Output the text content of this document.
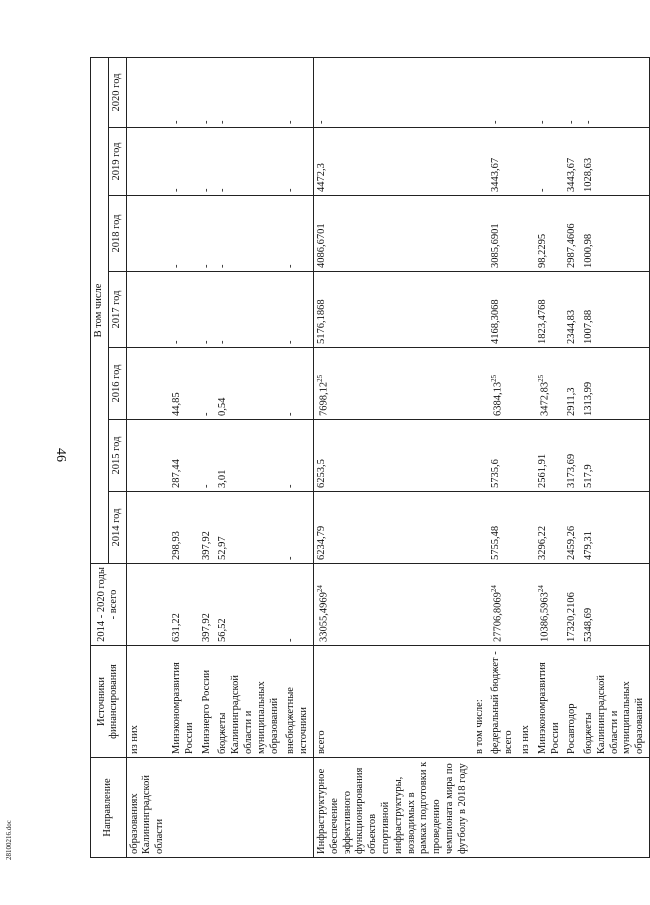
46
28100216.doc
Направление	Источники финансирования	2014 - 2020 годы - всего	В том числе						
			2014 год	2015 год	2016 год	2017 год	2018 год	2019 год	2020 год
образованиях Калининградской области	из них								
	Минэкономразвития России	631,22	298,93	287,44	44,85	-	-	-	-
	Минэнерго России	397,92	397,92	-	-	-	-	-	-
	бюджеты Калининградской области и муниципальных образований	56,52	52,97	3,01	0,54	-	-	-	-
	внебюджетные источники	-	-	-	-	-	-	-	-
Инфраструктурное обеспечение эффективного функционирования объектов спортивной инфраструктуры, возводимых в рамках подготовки к проведению чемпионата мира по футболу в 2018 году	всего	33055,4969$^{24}$	6234,79	6253,5	7698,12$^{25}$	5176,1868	4086,6701	4472,3	-
	в том числе:								
	федеральный бюджет - всего	27706,8069$^{24}$	5755,48	5735,6	6384,13$^{25}$	4168,3068	3085,6901	3443,67	-
	из них								
	Минэкономразвития России	10386,5963$^{24}$	3296,22	2561,91	3472,83$^{25}$	1823,4768	98,2295	-	-
	Росавтодор	17320,2106	2459,26	3173,69	2911,3	2344,83	2987,4606	3443,67	-
	бюджеты Калининградской области и муниципальных образований	5348,69	479,31	517,9	1313,99	1007,88	1000,98	1028,63	-
